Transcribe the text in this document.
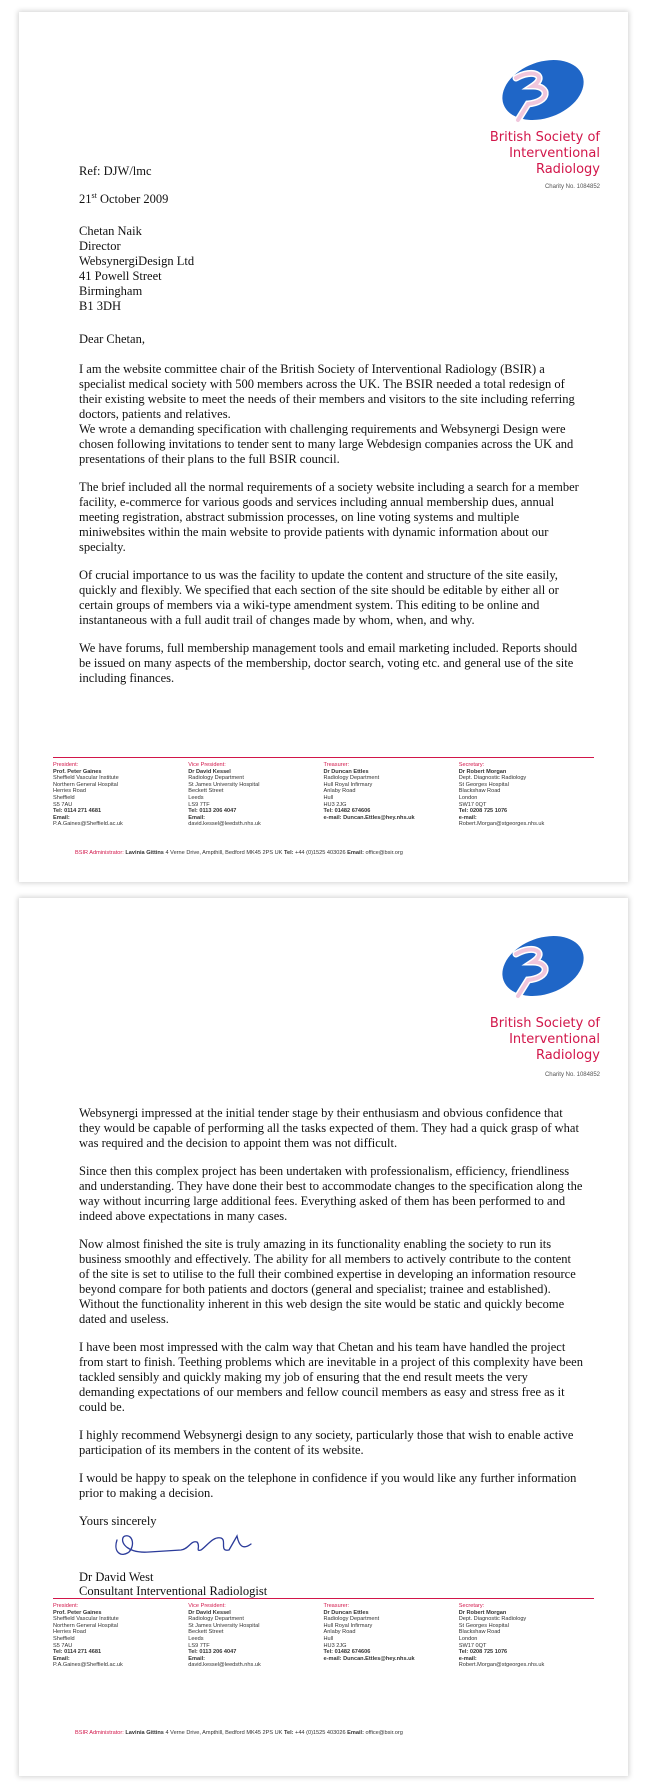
British Society of
Interventional
Radiology
Charity No. 1084852
Ref: DJW/lmc
21st October 2009
Chetan Naik
Director
WebsynergiDesign Ltd
41 Powell Street
Birmingham
B1 3DH
Dear Chetan,

I am the website committee chair of the British Society of Interventional Radiology (BSIR) a specialist medical society with 500 members across the UK. The BSIR needed a total redesign of their existing website to meet the needs of their members and visitors to the site including referring doctors, patients and relatives.

We wrote a demanding specification with challenging requirements and Websynergi Design were chosen following invitations to tender sent to many large Webdesign companies across the UK and presentations of their plans to the full BSIR council.

The brief included all the normal requirements of a society website including a search for a member facility, e-commerce for various goods and services including annual membership dues, annual meeting registration, abstract submission processes, on line voting systems and multiple miniwebsites within the main website to provide patients with dynamic information about our specialty.

Of crucial importance to us was the facility to update the content and structure of the site easily, quickly and flexibly. We specified that each section of the site should be editable by either all or certain groups of members via a wiki-type amendment system. This editing to be online and instantaneous with a full audit trail of changes made by whom, when, and why.

We have forums, full membership management tools and email marketing included. Reports should be issued on many aspects of the membership, doctor search, voting etc. and general use of the site including finances.

President:
Prof. Peter Gaines
Sheffield Vascular Institute
Northern General Hospital
Herries Road
Sheffield
S5 7AU
Tel: 0114 271 4681
Email:
P.A.Gaines@Sheffield.ac.uk
Vice President:
Dr David Kessel
Radiology Department
St James University Hospital
Beckett Street
Leeds
LS9 7TF
Tel: 0113 206 4047
Email:
david.kessel@leedsth.nhs.uk
Treasurer:
Dr Duncan Ettles
Radiology Department
Hull Royal Infirmary
Anlaby Road
Hull
HU3 2JG
Tel: 01482 674606
e-mail: Duncan.Ettles@hey.nhs.uk
Secretary:
Dr Robert Morgan
Dept. Diagnostic Radiology
St Georges Hospital
Blackshaw Road
London
SW17 0QT
Tel: 0208 725 1076
e-mail:
Robert.Morgan@stgeorges.nhs.uk
BSIR Administrator: Lavinia Gittins 4 Verne Drive, Ampthill, Bedford MK45 2PS UK Tel: +44 (0)1525 403026 Email: office@bsir.org
British Society of
Interventional
Radiology
Charity No. 1084852

Websynergi impressed at the initial tender stage by their enthusiasm and obvious confidence that they would be capable of performing all the tasks expected of them. They had a quick grasp of what was required and the decision to appoint them was not difficult.

Since then this complex project has been undertaken with professionalism, efficiency, friendliness and understanding. They have done their best to accommodate changes to the specification along the way without incurring large additional fees. Everything asked of them has been performed to and indeed above expectations in many cases.

Now almost finished the site is truly amazing in its functionality enabling the society to run its business smoothly and effectively. The ability for all members to actively contribute to the content of the site is set to utilise to the full their combined expertise in developing an information resource beyond compare for both patients and doctors (general and specialist; trainee and established). Without the functionality inherent in this web design the site would be static and quickly become dated and useless.

I have been most impressed with the calm way that Chetan and his team have handled the project from start to finish. Teething problems which are inevitable in a project of this complexity have been tackled sensibly and quickly making my job of ensuring that the end result meets the very demanding expectations of our members and fellow council members as easy and stress free as it could be.

I highly recommend Websynergi design to any society, particularly those that wish to enable active participation of its members in the content of its website.

I would be happy to speak on the telephone in confidence if you would like any further information prior to making a decision.

Yours sincerely
Dr David West
Consultant Interventional Radiologist
President:
Prof. Peter Gaines
Sheffield Vascular Institute
Northern General Hospital
Herries Road
Sheffield
S5 7AU
Tel: 0114 271 4681
Email:
P.A.Gaines@Sheffield.ac.uk
Vice President:
Dr David Kessel
Radiology Department
St James University Hospital
Beckett Street
Leeds
LS9 7TF
Tel: 0113 206 4047
Email:
david.kessel@leedsth.nhs.uk
Treasurer:
Dr Duncan Ettles
Radiology Department
Hull Royal Infirmary
Anlaby Road
Hull
HU3 2JG
Tel: 01482 674606
e-mail: Duncan.Ettles@hey.nhs.uk
Secretary:
Dr Robert Morgan
Dept. Diagnostic Radiology
St Georges Hospital
Blackshaw Road
London
SW17 0QT
Tel: 0208 725 1076
e-mail:
Robert.Morgan@stgeorges.nhs.uk
BSIR Administrator: Lavinia Gittins 4 Verne Drive, Ampthill, Bedford MK45 2PS UK Tel: +44 (0)1525 403026 Email: office@bsir.org
